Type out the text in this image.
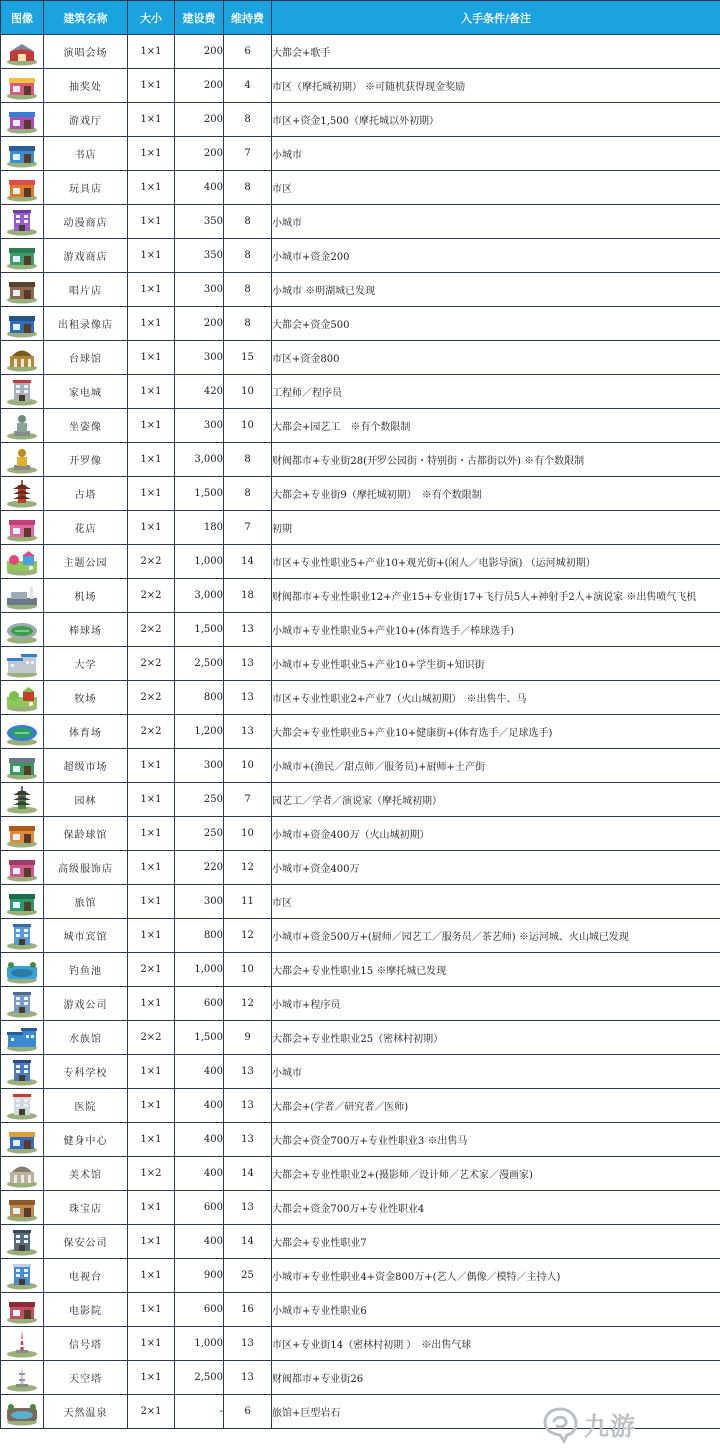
图像	建筑名称	大小	建设费	维持费	入手条件/备注

	演唱会场	1×1	200	6	大都会+歌手

	抽奖处	1×1	200	4	市区（摩托城初期） ※可随机获得现金奖励

	游戏厅	1×1	200	8	市区+资金1,500（摩托城以外初期）

	书店	1×1	200	7	小城市

	玩具店	1×1	400	8	市区

	动漫商店	1×1	350	8	小城市

	游戏商店	1×1	350	8	小城市+资金200

	唱片店	1×1	300	8	小城市 ※明湖城已发现

	出租录像店	1×1	200	8	大都会+资金500

	台球馆	1×1	300	15	市区+资金800

	家电城	1×1	420	10	工程师／程序员

	坐姿像	1×1	300	10	大都会+园艺工　※有个数限制

	开罗像	1×1	3,000	8	财阀都市+专业街28(开罗公园街・特别街・古都街以外) ※有个数限制

	古塔	1×1	1,500	8	大都会+专业街9（摩托城初期）　※有个数限制

	花店	1×1	180	7	初期

	主题公园	2×2	1,000	14	市区+专业性职业5+产业10+观光街+(闲人／电影导演) （运河城初期）

	机场	2×2	3,000	18	财阀都市+专业性职业12+产业15+专业街17+飞行员5人+神射手2人+演说家 ※出售喷气飞机

	棒球场	2×2	1,500	13	小城市+专业性职业5+产业10+(体育选手／棒球选手)

	大学	2×2	2,500	13	小城市+专业性职业5+产业10+学生街+知识街

	牧场	2×2	800	13	市区+专业性职业2+产业7（火山城初期）　※出售牛、马

	体育场	2×2	1,200	13	大都会+专业性职业5+产业10+健康街+(体育选手／足球选手)

	超级市场	1×1	300	10	小城市+(渔民／甜点师／服务员)+厨师+土产街

	园林	1×1	250	7	园艺工／学者／演说家（摩托城初期）

	保龄球馆	1×1	250	10	小城市+资金400万（火山城初期）

	高级服饰店	1×1	220	12	小城市+资金400万

	旅馆	1×1	300	11	市区

	城市宾馆	1×1	800	12	小城市+资金500万+(厨师／园艺工／服务员／茶艺师) ※运河城、火山城已发现

	钓鱼池	2×1	1,000	10	大都会+专业性职业15 ※摩托城已发现

	游戏公司	1×1	600	12	小城市+程序员

	水族馆	2×2	1,500	9	大都会+专业性职业25（密林村初期）

	专科学校	1×1	400	13	小城市

	医院	1×1	400	13	大都会+(学者／研究者／医师)

	健身中心	1×1	400	13	大都会+资金700万+专业性职业3 ※出售马

	美术馆	1×2	400	14	大都会+专业性职业2+(摄影师／设计师／艺术家／漫画家)

	珠宝店	1×1	600	13	大都会+资金700万+专业性职业4

	保安公司	1×1	400	14	大都会+专业性职业7

	电视台	1×1	900	25	小城市+专业性职业4+资金800万+(艺人／偶像／模特／主持人)

	电影院	1×1	600	16	小城市+专业性职业6

	信号塔	1×1	1,000	13	市区+专业街14（密林村初期 ）　※出售气球

	天空塔	1×1	2,500	13	财阀都市+专业街26

	天然温泉	2×1	-	6	旅馆+巨型岩石	九游
